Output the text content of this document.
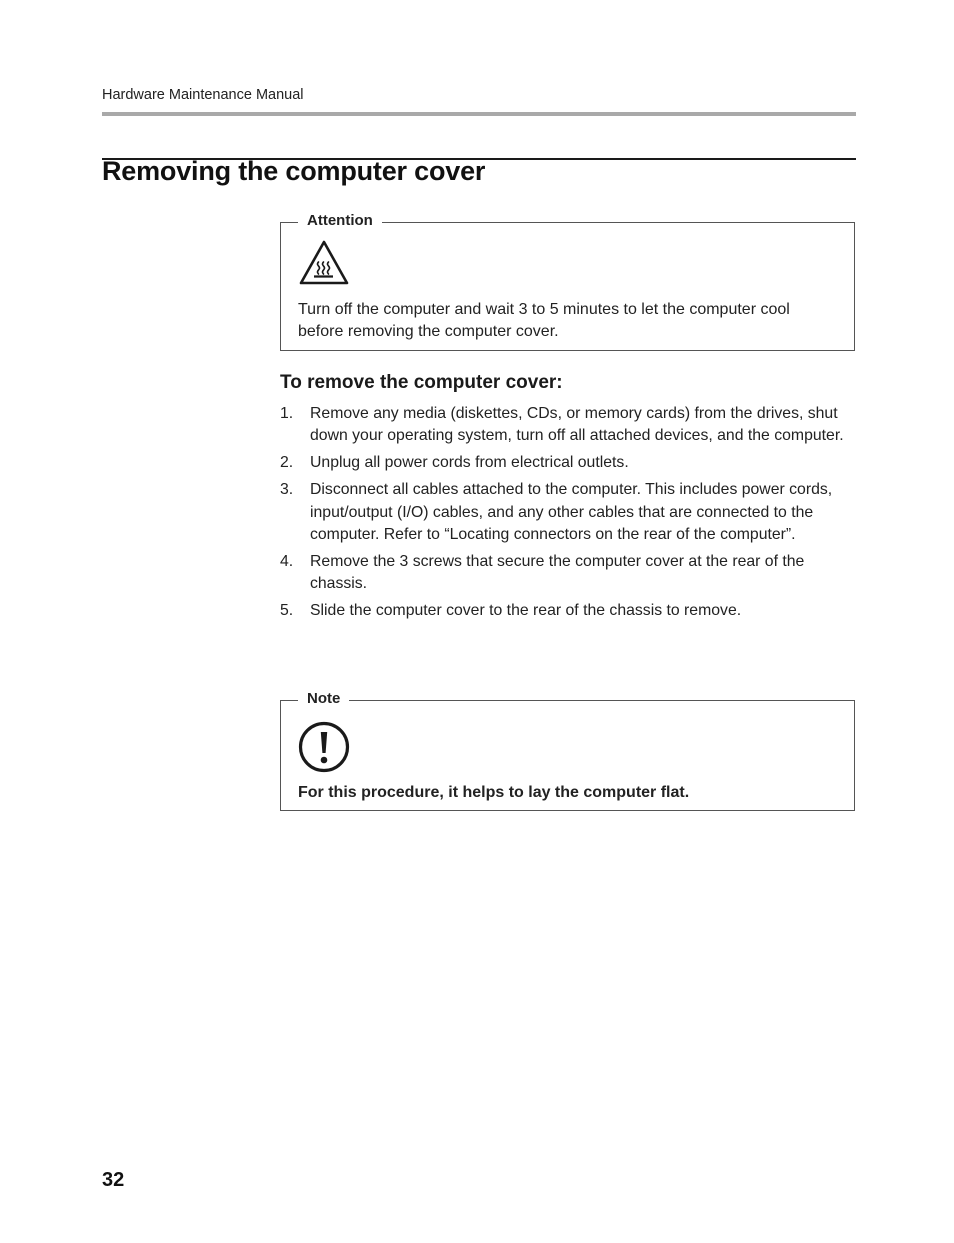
Hardware Maintenance Manual
Removing the computer cover
Attention
Turn off the computer and wait 3 to 5 minutes to let the computer cool before removing the computer cover.
To remove the computer cover:
1. Remove any media (diskettes, CDs, or memory cards) from the drives, shut down your operating system, turn off all attached devices, and the computer.
2. Unplug all power cords from electrical outlets.
3. Disconnect all cables attached to the computer. This includes power cords, input/output (I/O) cables, and any other cables that are connected to the computer. Refer to “Locating connectors on the rear of the computer”.
4. Remove the 3 screws that secure the computer cover at the rear of the chassis.
5. Slide the computer cover to the rear of the chassis to remove.
Note
For this procedure, it helps to lay the computer flat.
32
